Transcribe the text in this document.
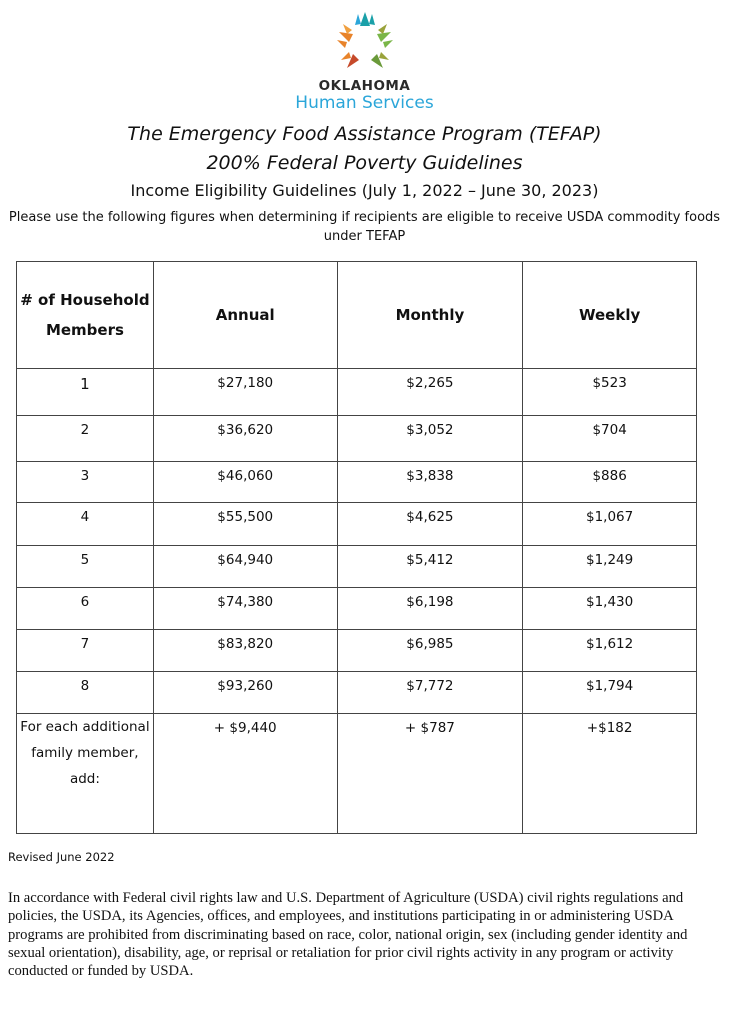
OKLAHOMA
Human Services
The Emergency Food Assistance Program (TEFAP)
200% Federal Poverty Guidelines
Income Eligibility Guidelines (July 1, 2022 – June 30, 2023)
Please use the following figures when determining if recipients are eligible to receive USDA commodity foods under TEFAP
# of Household Members	Annual	Monthly	Weekly
1	$27,180	$2,265	$523
2	$36,620	$3,052	$704
3	$46,060	$3,838	$886
4	$55,500	$4,625	$1,067
5	$64,940	$5,412	$1,249
6	$74,380	$6,198	$1,430
7	$83,820	$6,985	$1,612
8	$93,260	$7,772	$1,794
For each additional family member, add:	+ $9,440	+ $787	+$182
Revised June 2022
In accordance with Federal civil rights law and U.S. Department of Agriculture (USDA) civil rights regulations and policies, the USDA, its Agencies, offices, and employees, and institutions participating in or administering USDA programs are prohibited from discriminating based on race, color, national origin, sex (including gender identity and sexual orientation), disability, age, or reprisal or retaliation for prior civil rights activity in any program or activity conducted or funded by USDA.
